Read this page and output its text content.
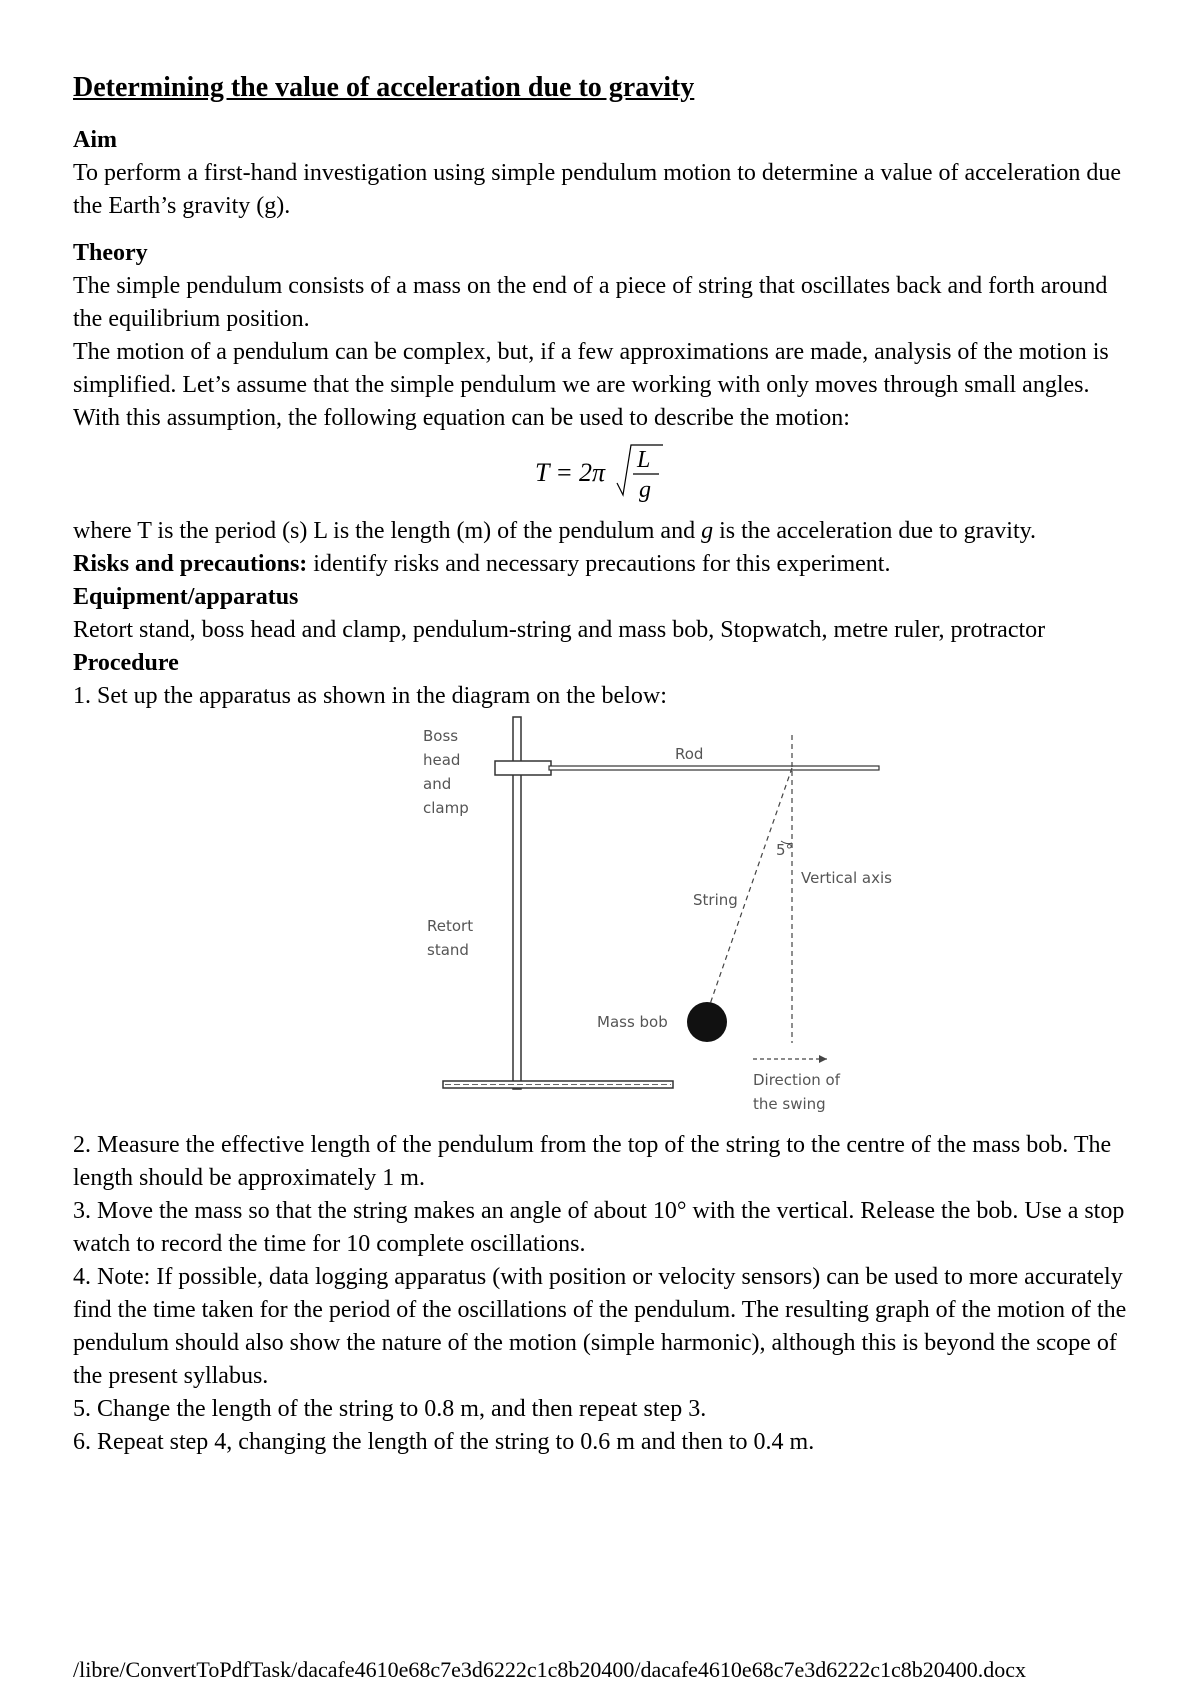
Determining the value of acceleration due to gravity
Aim

To perform a first-hand investigation using simple pendulum motion to determine a value of acceleration due the Earth’s gravity (g).

Theory

The simple pendulum consists of a mass on the end of a piece of string that oscillates back and forth around the equilibrium position.

The motion of a pendulum can be complex, but, if a few approximations are made, analysis of the motion is simplified. Let’s assume that the simple pendulum we are working with only moves through small angles. With this assumption, the following equation can be used to describe the motion:

T = 2π L
g

where T is the period (s) L is the length (m) of the pendulum and g is the acceleration due to gravity.

Risks and precautions: identify risks and necessary precautions for this experiment.

Equipment/apparatus

Retort stand, boss head and clamp, pendulum-string and mass bob, Stopwatch, metre ruler, protractor

Procedure

1. Set up the apparatus as shown in the diagram on the below:

Boss
head
and
clamp
Rod
5°
Vertical axis
String
Retort
stand
Mass bob
Direction of
the swing

2. Measure the effective length of the pendulum from the top of the string to the centre of the mass bob. The length should be approximately 1 m.

3. Move the mass so that the string makes an angle of about 10° with the vertical. Release the bob. Use a stop watch to record the time for 10 complete oscillations.

4. Note: If possible, data logging apparatus (with position or velocity sensors) can be used to more accurately find the time taken for the period of the oscillations of the pendulum. The resulting graph of the motion of the pendulum should also show the nature of the motion (simple harmonic), although this is beyond the scope of the present syllabus.

5. Change the length of the string to 0.8 m, and then repeat step 3.

6. Repeat step 4, changing the length of the string to 0.6 m and then to 0.4 m.

/libre/ConvertToPdfTask/dacafe4610e68c7e3d6222c1c8b20400/dacafe4610e68c7e3d6222c1c8b20400.docx
